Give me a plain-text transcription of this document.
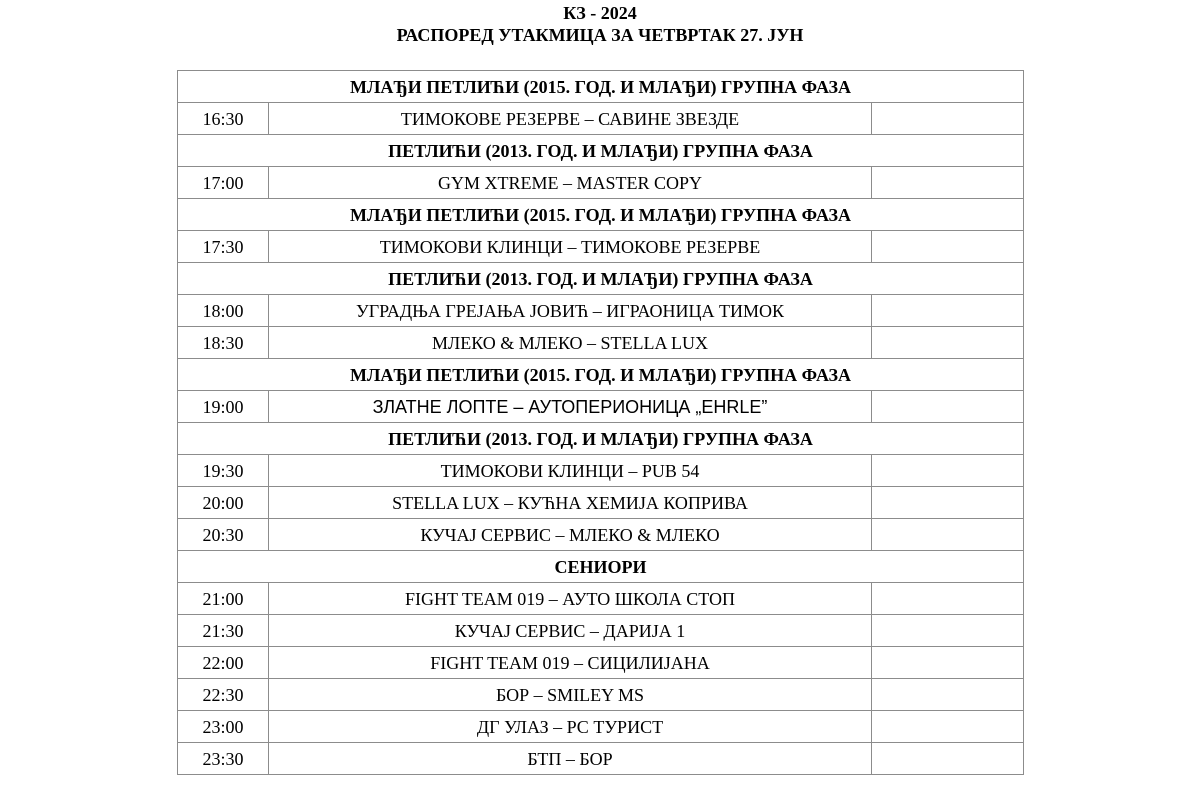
КЗ - 2024
РАСПОРЕД УТАКМИЦА ЗА ЧЕТВРТАК 27. ЈУН
МЛАЂИ ПЕТЛИЋИ (2015. ГОД. И МЛАЂИ) ГРУПНА ФАЗА		
16:30	ТИМОКОВЕ РЕЗЕРВЕ – САВИНЕ ЗВЕЗДЕ	
ПЕТЛИЋИ (2013. ГОД. И МЛАЂИ) ГРУПНА ФАЗА		
17:00	GYM XTREME – MASTER COPY	
МЛАЂИ ПЕТЛИЋИ (2015. ГОД. И МЛАЂИ) ГРУПНА ФАЗА		
17:30	ТИМОКОВИ КЛИНЦИ – ТИМОКОВЕ РЕЗЕРВЕ	
ПЕТЛИЋИ (2013. ГОД. И МЛАЂИ) ГРУПНА ФАЗА		
18:00	УГРАДЊА ГРЕЈАЊА ЈОВИЋ – ИГРАОНИЦА ТИМОК	
18:30	МЛЕКО & МЛЕКО – STELLA LUX	
МЛАЂИ ПЕТЛИЋИ (2015. ГОД. И МЛАЂИ) ГРУПНА ФАЗА		
19:00	ЗЛАТНЕ ЛОПТЕ – АУТОПЕРИОНИЦА „EHRLE”	
ПЕТЛИЋИ (2013. ГОД. И МЛАЂИ) ГРУПНА ФАЗА		
19:30	ТИМОКОВИ КЛИНЦИ – PUB 54	
20:00	STELLA LUX – КУЋНА ХЕМИЈА КОПРИВА	
20:30	КУЧАЈ СЕРВИС – МЛЕКО & МЛЕКО	
СЕНИОРИ		
21:00	FIGHT TEAM 019 – АУТО ШКОЛА СТОП	
21:30	КУЧАЈ СЕРВИС – ДАРИЈА 1	
22:00	FIGHT TEAM 019 – СИЦИЛИЈАНА	
22:30	БОР – SMILEY MS	
23:00	ДГ УЛАЗ – РС ТУРИСТ	
23:30	БТП – БОР	
